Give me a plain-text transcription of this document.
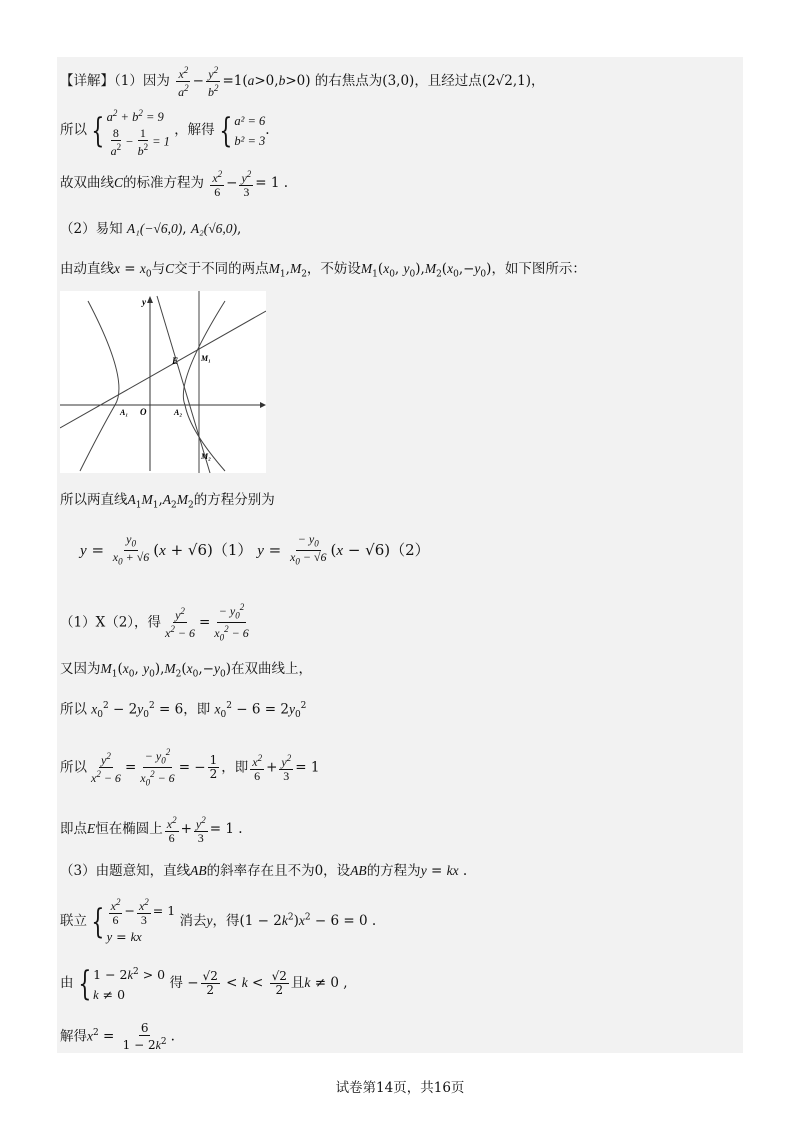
【详解】（1）因为 $\frac{x^2}{a^2} - \frac{y^2}{b^2} =1(a>0,b>0)$ 的右焦点为(3,0)，且经过点(2√2,1)，
所以 { $a^2 + b^2 = 9$
$\frac{8}{a^2} - \frac{1}{b^2} = 1$
，解得 { a² = 6
b² = 3
.
故双曲线C的标准方程为 $\frac{x^2}{6} - \frac{y^2}{3} = 1$ .
（2）易知 A₁(−√6,0), A₂(√6,0),
由动直线$x = x_0$与C交于不同的两点$M_1,M_2$，不妨设$M_1(x_0$, $y_0),M_2(x_0,-y_0)$，如下图所示：
y
E	M₁
M₂
A₁ O	A₂
所以两直线$A_1M_1,A_2M_2$的方程分别为
$y = \frac{y_0}{x_0 + √6} (x + √6)(1) y = \frac{- y_0}{x_0 - √6} (x - √6)(2)$
（1）X（2），得 $\frac{y^2}{x^2 - 6} = \frac{- y_0^2}{x_0^2 - 6}$
又因为$M_1(x_0$, $y_0),M_2(x_0,-y_0)$在双曲线上，
所以 $x_0^2 - 2y_0^2 = 6$，即 $x_0^2 - 6 = 2y_0^2$
所以 $\frac{y^2}{x^2 - 6} = \frac{- y_0^2}{x_0^2 - 6}$ = − $\frac{1}{2}$ ，即 $\frac{x^2}{6} + \frac{y^2}{3} = 1$
即点E恒在椭圆上 $\frac{x^2}{6} + \frac{y^2}{3} = 1$ .
（3）由题意知，直线AB的斜率存在且不为0，设AB的方程为y = kx .
联立 { $\frac{x^2}{6} - \frac{x^2}{3} = 1$
y = kx
消去y，得$(1 - 2k^2)x^2 - 6 = 0$ .
由 { $1 - 2k^2 > 0$
k ≠ 0
得 − $\frac{√2}{2} < k < \frac{√2}{2}$ 且k ≠ 0 ,
解得$x^2 = \frac{6}{1 - 2k^2}$ .
试卷第14页，共16页
